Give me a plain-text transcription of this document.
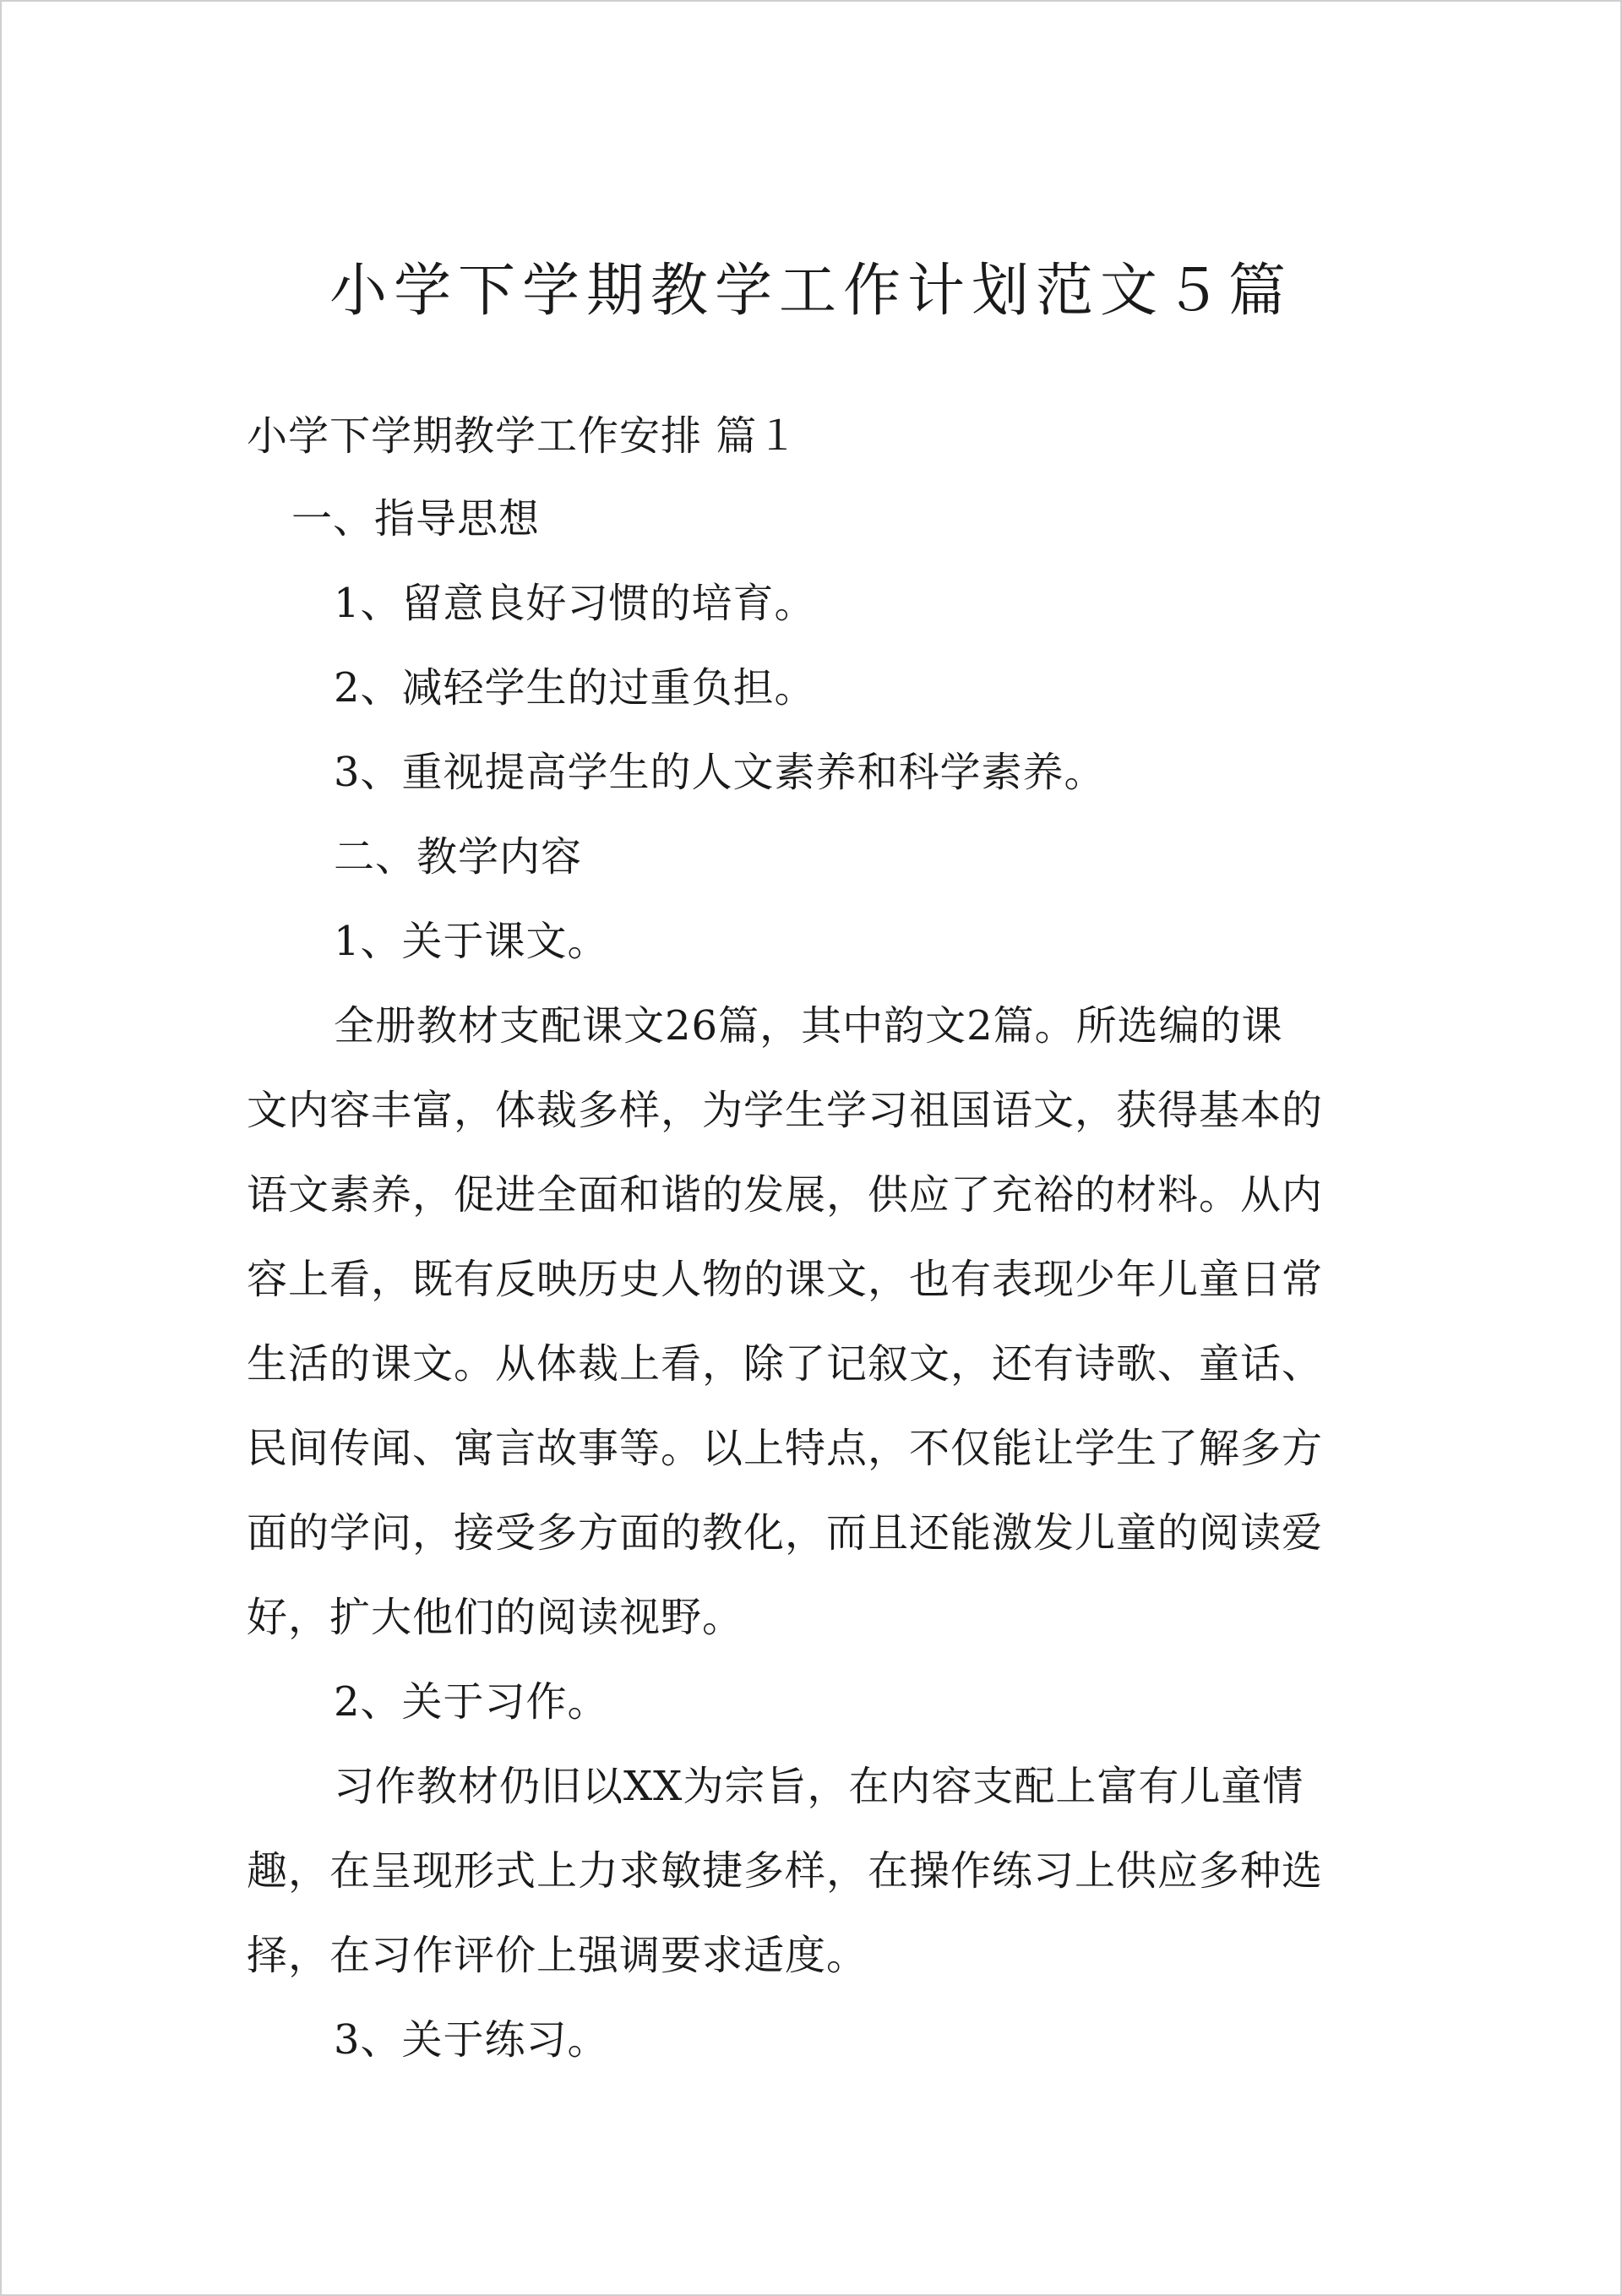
小学下学期教学工作计划范文５篇
小学下学期教学工作安排 篇１
一、指导思想
1、留意良好习惯的培育。
2、减轻学生的过重负担。
3、重视提高学生的人文素养和科学素养。
二、教学内容
1、关于课文。
全册教材支配课文26篇，其中韵文2篇。所选编的课
文内容丰富，体裁多样，为学生学习祖国语文，获得基本的
语文素养，促进全面和谐的发展，供应了充裕的材料。从内
容上看，既有反映历史人物的课文，也有表现少年儿童日常
生活的课文。从体裁上看，除了记叙文，还有诗歌、童话、
民间传闻、寓言故事等。以上特点，不仅能让学生了解多方
面的学问，接受多方面的教化，而且还能激发儿童的阅读爱
好，扩大他们的阅读视野。
2、关于习作。
习作教材仍旧以XX为宗旨，在内容支配上富有儿童情
趣，在呈现形式上力求敏捷多样，在操作练习上供应多种选
择，在习作评价上强调要求适度。
3、关于练习。
